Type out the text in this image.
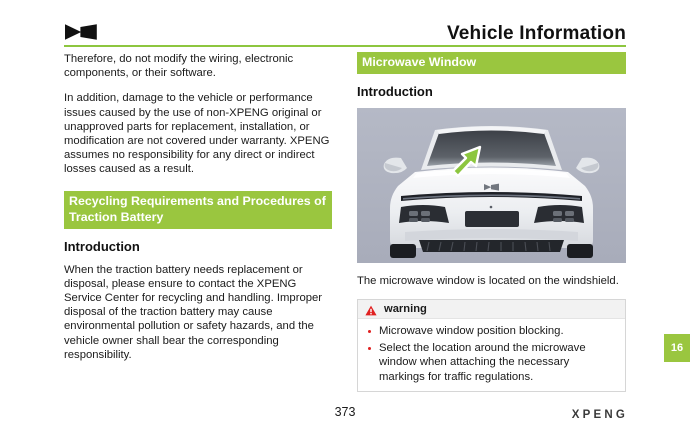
Vehicle Information

Therefore, do not modify the wiring, electronic components, or their software.

In addition, damage to the vehicle or performance issues caused by the use of non-XPENG original or unapproved parts for replacement, installation, or modification are not covered under warranty. XPENG assumes no responsibility for any direct or indirect losses caused as a result.

Recycling Requirements and Procedures of Traction Battery
Introduction

When the traction battery needs replacement or disposal, please ensure to contact the XPENG Service Center for recycling and handling. Improper disposal of the traction battery may cause environmental pollution or safety hazards, and the vehicle owner shall bear the corresponding responsibility.

Microwave Window
Introduction

The microwave window is located on the windshield.

warning
Microwave window position blocking.
Select the location around the microwave window when attaching the necessary markings for traffic regulations.
16
373	XPENG
